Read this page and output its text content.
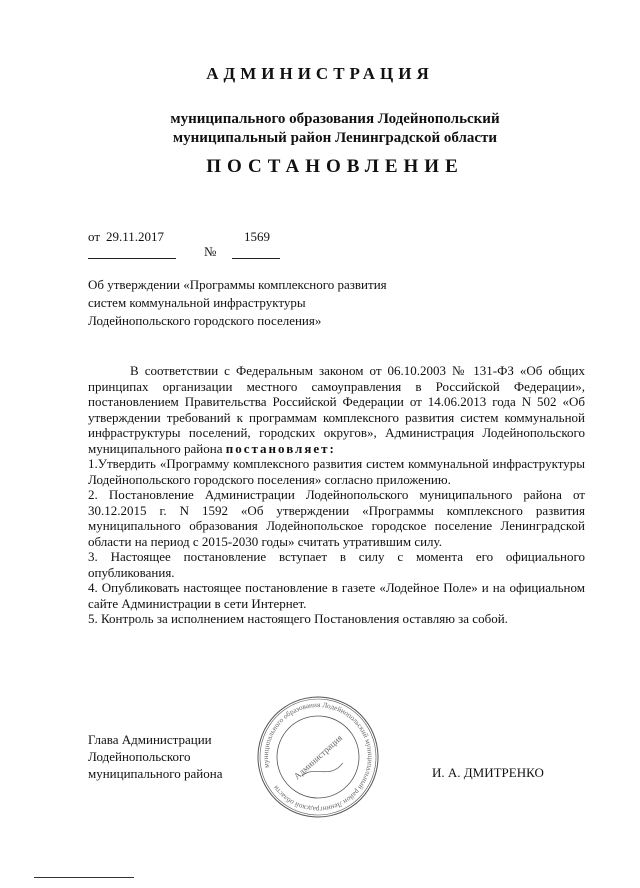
АДМИНИСТРАЦИЯ
муниципального образования Лодейнопольский
муниципальный район Ленинградской области
ПОСТАНОВЛЕНИЕ
от 29.11.2017
№
1569
Об утверждении «Программы комплексного развития
систем коммунальной инфраструктуры
Лодейнопольского городского поселения»

В соответствии с Федеральным законом от 06.10.2003 № 131-ФЗ «Об общих принципах организации местного самоуправления в Российской Федерации», постановлением Правительства Российской Федерации от 14.06.2013 года N 502 «Об утверждении требований к программам комплексного развития систем коммунальной инфраструктуры поселений, городских округов», Администрация Лодейнопольского муниципального района постановляет:

1.Утвердить «Программу комплексного развития систем коммунальной инфраструктуры Лодейнопольского городского поселения» согласно приложению.

2. Постановление Администрации Лодейнопольского муниципального района от 30.12.2015 г. N 1592 «Об утверждении «Программы комплексного развития муниципального образования Лодейнопольское городское поселение Ленинградской области на период с 2015-2030 годы» считать утратившим силу.

3. Настоящее постановление вступает в силу с момента его официального опубликования.

4. Опубликовать настоящее постановление в газете «Лодейное Поле» и на официальном сайте Администрации в сети Интернет.

5. Контроль за исполнением настоящего Постановления оставляю за собой.

Глава Администрации
Лодейнопольского
муниципального района	И. А. ДМИТРЕНКО
муниципального образования Лодейнопольский муниципальный район Ленинградской области
Администрация
